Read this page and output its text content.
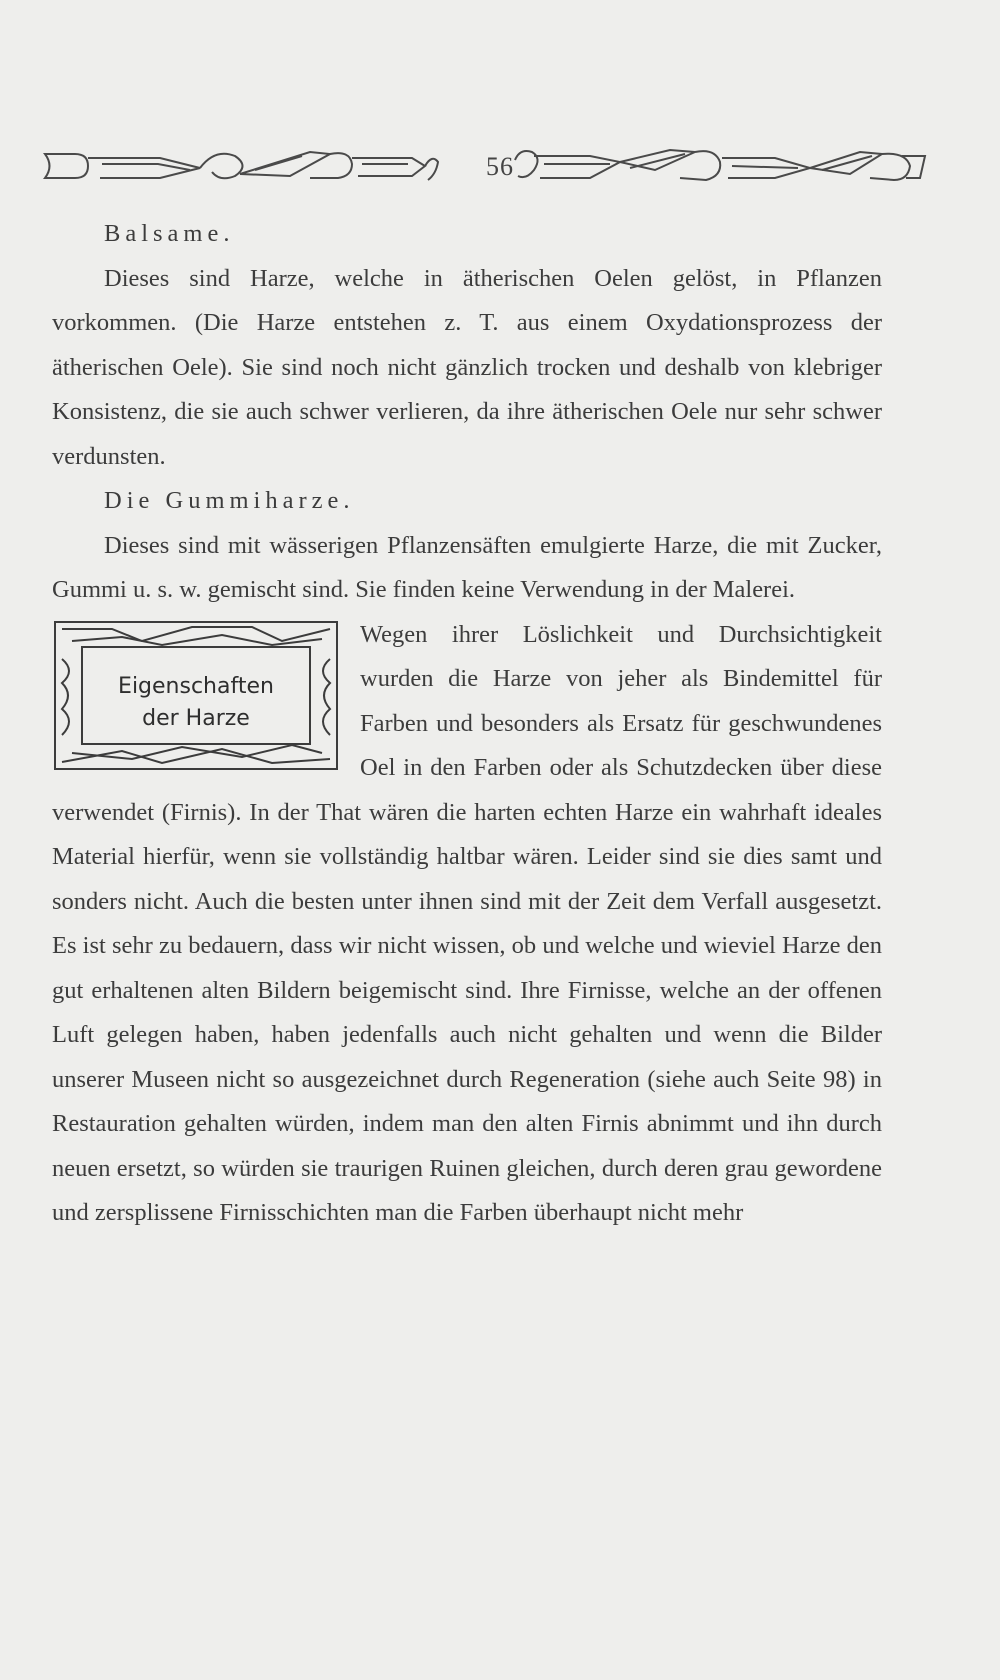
56

Balsame.

Dieses sind Harze, welche in ätherischen Oelen gelöst, in Pflanzen vorkommen. (Die Harze entstehen z. T. aus einem Oxydationsprozess der ätherischen Oele). Sie sind noch nicht gänzlich trocken und deshalb von klebriger Konsistenz, die sie auch schwer verlieren, da ihre ätherischen Oele nur sehr schwer verdunsten.

Die Gummiharze.

Dieses sind mit wässerigen Pflanzensäften emulgierte Harze, die mit Zucker, Gummi u. s. w. gemischt sind. Sie finden keine Verwendung in der Malerei.

Eigenschaften
der Harze

Wegen ihrer Löslichkeit und Durchsichtigkeit wurden die Harze von jeher als Bindemittel für Farben und besonders als Ersatz für geschwundenes Oel in den Farben oder als Schutzdecken über diese verwendet (Firnis). In der That wären die harten echten Harze ein wahrhaft ideales Material hierfür, wenn sie vollständig haltbar wären. Leider sind sie dies samt und sonders nicht. Auch die besten unter ihnen sind mit der Zeit dem Verfall ausgesetzt. Es ist sehr zu bedauern, dass wir nicht wissen, ob und welche und wieviel Harze den gut erhaltenen alten Bildern beigemischt sind. Ihre Firnisse, welche an der offenen Luft gelegen haben, haben jedenfalls auch nicht gehalten und wenn die Bilder unserer Museen nicht so ausgezeichnet durch Regeneration (siehe auch Seite 98) in Restauration gehalten würden, indem man den alten Firnis abnimmt und ihn durch neuen ersetzt, so würden sie traurigen Ruinen gleichen, durch deren grau gewordene und zersplissene Firnisschichten man die Farben überhaupt nicht mehr
